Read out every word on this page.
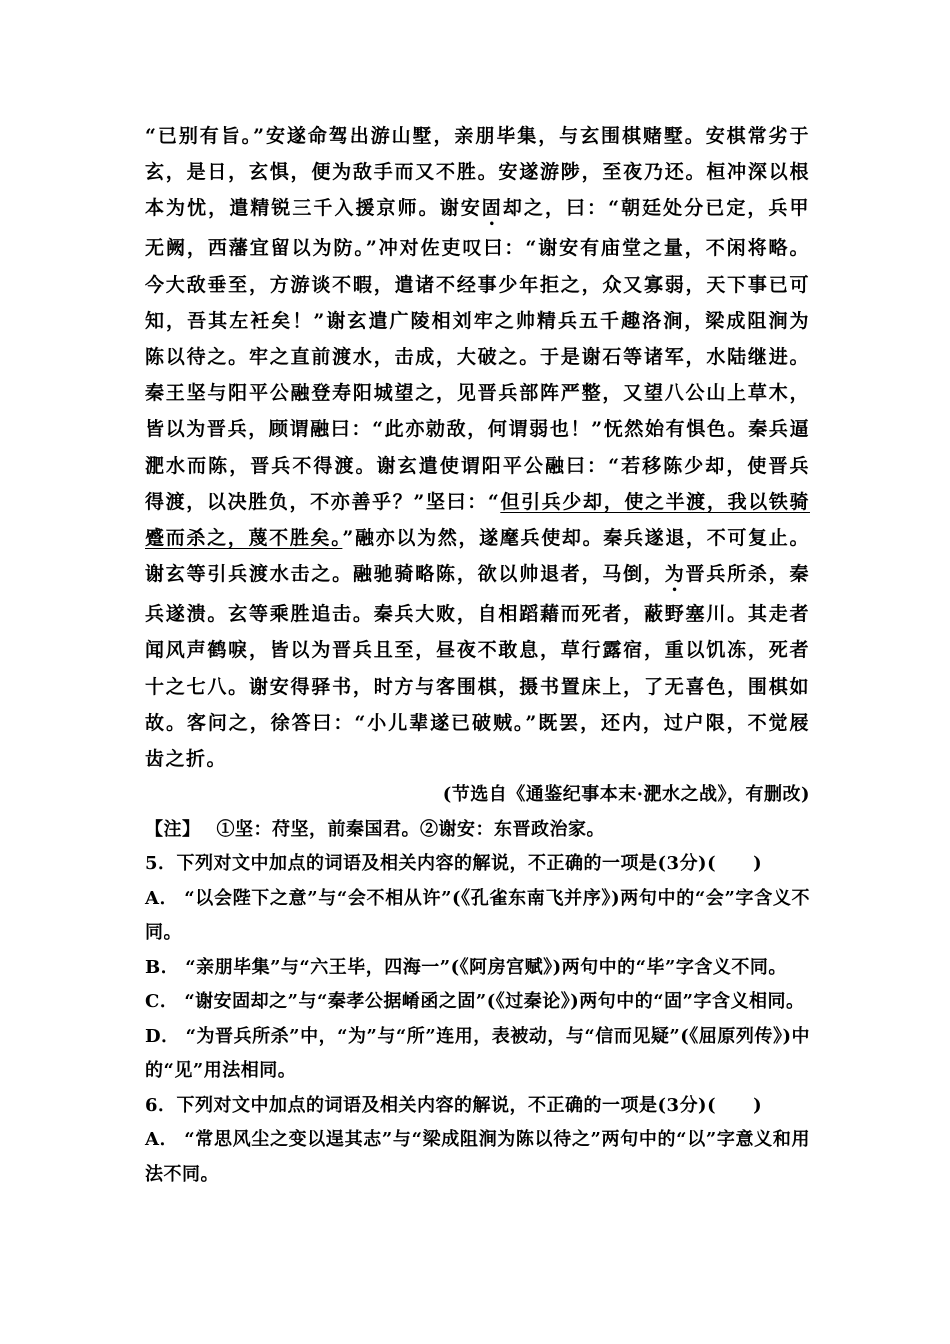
“已别有旨。”安遂命驾出游山墅，亲朋毕集，与玄围棋赌墅。安棋常劣于玄，是日，玄惧，便为敌手而又不胜。安遂游陟，至夜乃还。桓冲深以根本为忧，遣精锐三千入援京师。谢安固却之，曰：“朝廷处分已定，兵甲无阙，西藩宜留以为防。”冲对佐吏叹曰：“谢安有庙堂之量，不闲将略。今大敌垂至，方游谈不暇，遣诸不经事少年拒之，众又寡弱，天下事已可知，吾其左衽矣！”谢玄遣广陵相刘牢之帅精兵五千趣洛涧，梁成阻涧为陈以待之。牢之直前渡水，击成，大破之。于是谢石等诸军，水陆继进。秦王坚与阳平公融登寿阳城望之，见晋兵部阵严整，又望八公山上草木，皆以为晋兵，顾谓融曰：“此亦勍敌，何谓弱也！”怃然始有惧色。秦兵逼淝水而陈，晋兵不得渡。谢玄遣使谓阳平公融曰：“若移陈少却，使晋兵得渡，以决胜负，不亦善乎？”坚曰：“但引兵少却，使之半渡，我以铁骑蹙而杀之，蔑不胜矣。”融亦以为然，遂麾兵使却。秦兵遂退，不可复止。谢玄等引兵渡水击之。融驰骑略陈，欲以帅退者，马倒，为晋兵所杀，秦兵遂溃。玄等乘胜追击。秦兵大败，自相蹈藉而死者，蔽野塞川。其走者闻风声鹤唳，皆以为晋兵且至，昼夜不敢息，草行露宿，重以饥冻，死者十之七八。谢安得驿书，时方与客围棋，摄书置床上，了无喜色，围棋如故。客问之，徐答曰：“小儿辈遂已破贼。”既罢，还内，过户限，不觉屐齿之折。

(节选自《通鉴纪事本末·淝水之战》，有删改)

【注】 ①坚：苻坚，前秦国君。②谢安：东晋政治家。

5．下列对文中加点的词语及相关内容的解说，不正确的一项是(3分)(　　)

A． “以会陛下之意”与“会不相从许”(《孔雀东南飞并序》)两句中的“会”字含义不同。

B． “亲朋毕集”与“六王毕，四海一”(《阿房宫赋》)两句中的“毕”字含义不同。

C． “谢安固却之”与“秦孝公据崤函之固”(《过秦论》)两句中的“固”字含义相同。

D． “为晋兵所杀”中，“为”与“所”连用，表被动，与“信而见疑”(《屈原列传》)中的“见”用法相同。

6．下列对文中加点的词语及相关内容的解说，不正确的一项是(3分)(　　)

A． “常思风尘之变以逞其志”与“梁成阻涧为陈以待之”两句中的“以”字意义和用法不同。
